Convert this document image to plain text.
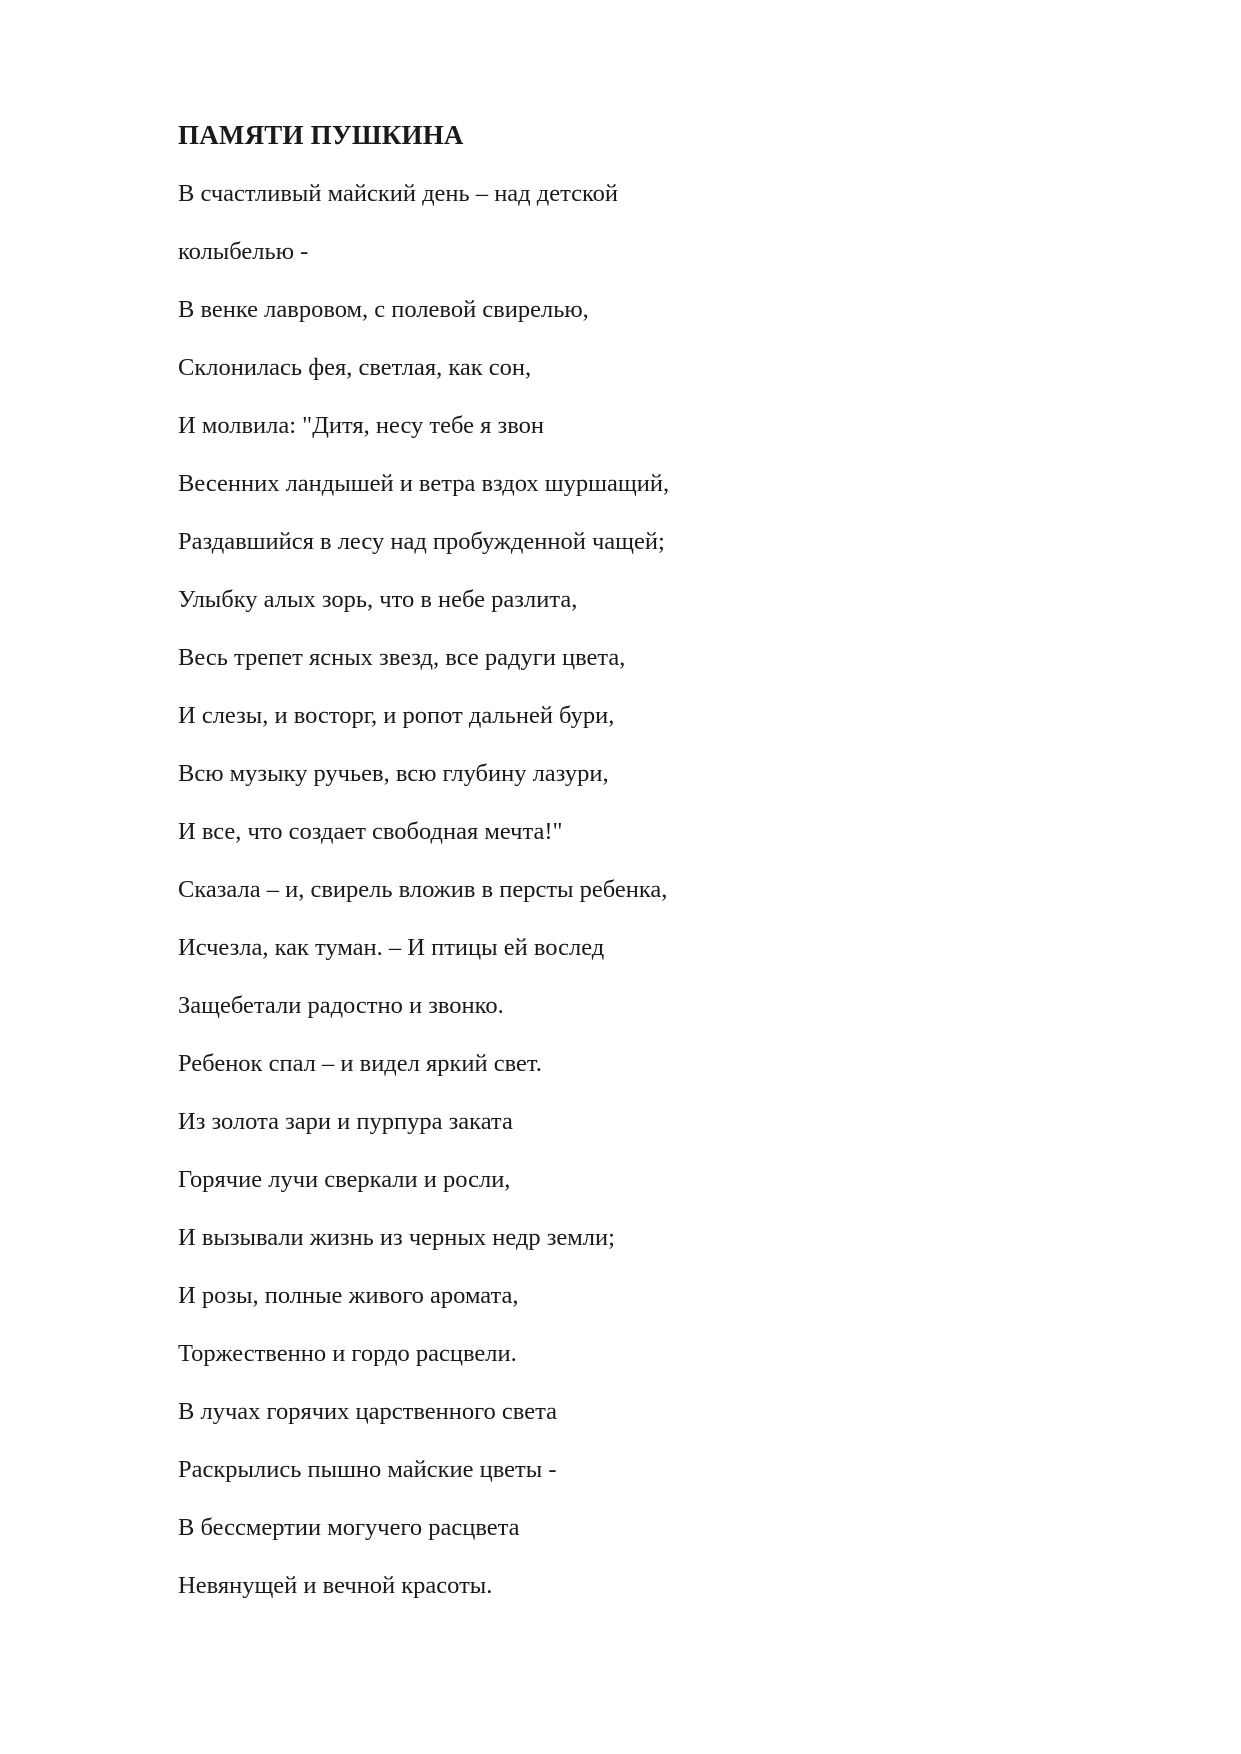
ПАМЯТИ ПУШКИНА
В счастливый майский день – над детской
колыбелью -
В венке лавровом, с полевой свирелью,
Склонилась фея, светлая, как сон,
И молвила: "Дитя, несу тебе я звон
Весенних ландышей и ветра вздох шуршащий,
Раздавшийся в лесу над пробужденной чащей;
Улыбку алых зорь, что в небе разлита,
Весь трепет ясных звезд, все радуги цвета,
И слезы, и восторг, и ропот дальней бури,
Всю музыку ручьев, всю глубину лазури,
И все, что создает свободная мечта!"
Сказала – и, свирель вложив в персты ребенка,
Исчезла, как туман. – И птицы ей вослед
Защебетали радостно и звонко.
Ребенок спал – и видел яркий свет.
Из золота зари и пурпура заката
Горячие лучи сверкали и росли,
И вызывали жизнь из черных недр земли;
И розы, полные живого аромата,
Торжественно и гордо расцвели.
В лучах горячих царственного света
Раскрылись пышно майские цветы -
В бессмертии могучего расцвета
Невянущей и вечной красоты.
